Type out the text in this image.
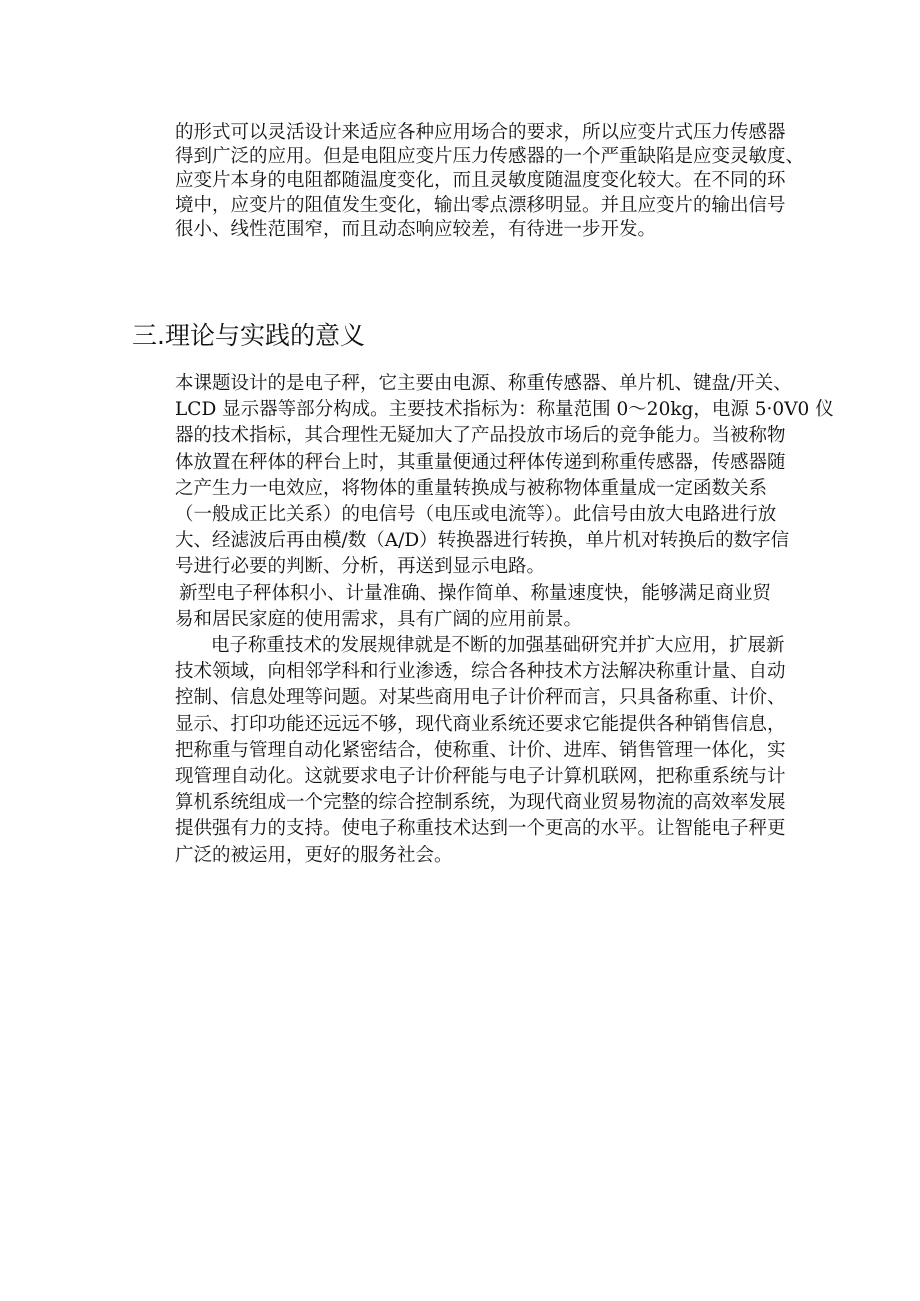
的形式可以灵活设计来适应各种应用场合的要求，所以应变片式压力传感器
得到广泛的应用。但是电阻应变片压力传感器的一个严重缺陷是应变灵敏度、
应变片本身的电阻都随温度变化，而且灵敏度随温度变化较大。在不同的环
境中，应变片的阻值发生变化，输出零点漂移明显。并且应变片的输出信号
很小、线性范围窄，而且动态响应较差，有待进一步开发。
三.理论与实践的意义
本课题设计的是电子秤，它主要由电源、称重传感器、单片机、键盘/开关、
LCD 显示器等部分构成。主要技术指标为：称量范围 0～20kg，电源 5·0V0 仪
器的技术指标，其合理性无疑加大了产品投放市场后的竞争能力。当被称物
体放置在秤体的秤台上时，其重量便通过秤体传递到称重传感器，传感器随
之产生力一电效应，将物体的重量转换成与被称物体重量成一定函数关系
（一般成正比关系）的电信号（电压或电流等）。此信号由放大电路进行放
大、经滤波后再由模/数（A/D）转换器进行转换，单片机对转换后的数字信
号进行必要的判断、分析，再送到显示电路。
新型电子秤体积小、计量准确、操作简单、称量速度快，能够满足商业贸
易和居民家庭的使用需求，具有广阔的应用前景。
电子称重技术的发展规律就是不断的加强基础研究并扩大应用，扩展新
技术领域，向相邻学科和行业渗透，综合各种技术方法解决称重计量、自动
控制、信息处理等问题。对某些商用电子计价秤而言，只具备称重、计价、
显示、打印功能还远远不够，现代商业系统还要求它能提供各种销售信息，
把称重与管理自动化紧密结合，使称重、计价、进库、销售管理一体化，实
现管理自动化。这就要求电子计价秤能与电子计算机联网，把称重系统与计
算机系统组成一个完整的综合控制系统，为现代商业贸易物流的高效率发展
提供强有力的支持。使电子称重技术达到一个更高的水平。让智能电子秤更
广泛的被运用，更好的服务社会。
